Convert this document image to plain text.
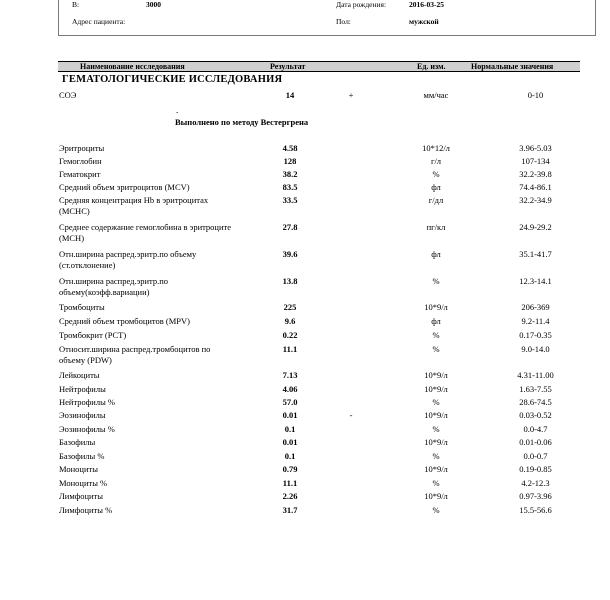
В:	3000
Адрес пациента:
Дата рождения:	2016-03-25
Пол:	мужской
Наименование исследования	Результат	Ед. изм.	Нормальные значения
ГЕМАТОЛОГИЧЕСКИЕ ИССЛЕДОВАНИЯ
СОЭ	14	+	мм/час	0-10
.
Выполнено по методу Вестергрена
Эритроциты	4.58	10*12/л	3.96-5.03
Гемоглобин	128	г/л	107-134
Гематокрит	38.2	%	32.2-39.8
Средний объем эритроцитов (MCV)	83.5	фл	74.4-86.1
Средняя концентрация Hb в эритроцитах (MCHC)
33.5	г/дл	32.2-34.9
Среднее содержание гемоглобина в эритроците (MCH)
27.8	пг/кл	24.9-29.2
Отн.ширина распред.эритр.по объему (ст.отклонение)
39.6	фл	35.1-41.7
Отн.ширина распред.эритр.по объему(коэфф.вариации)
13.8	%	12.3-14.1
Тромбоциты	225	10*9/л	206-369
Средний объем тромбоцитов (MPV)	9.6	фл	9.2-11.4
Тромбокрит (PCT)	0.22	%	0.17-0.35
Относит.ширина распред.тромбоцитов по объему (PDW)
11.1	%	9.0-14.0
Лейкоциты	7.13	10*9/л	4.31-11.00
Нейтрофилы	4.06	10*9/л	1.63-7.55
Нейтрофилы %	57.0	%	28.6-74.5
Эозинофилы	0.01	-	10*9/л	0.03-0.52
Эозинофилы %	0.1	%	0.0-4.7
Базофилы	0.01	10*9/л	0.01-0.06
Базофилы %	0.1	%	0.0-0.7
Моноциты	0.79	10*9/л	0.19-0.85
Моноциты %	11.1	%	4.2-12.3
Лимфоциты	2.26	10*9/л	0.97-3.96
Лимфоциты %	31.7	%	15.5-56.6
